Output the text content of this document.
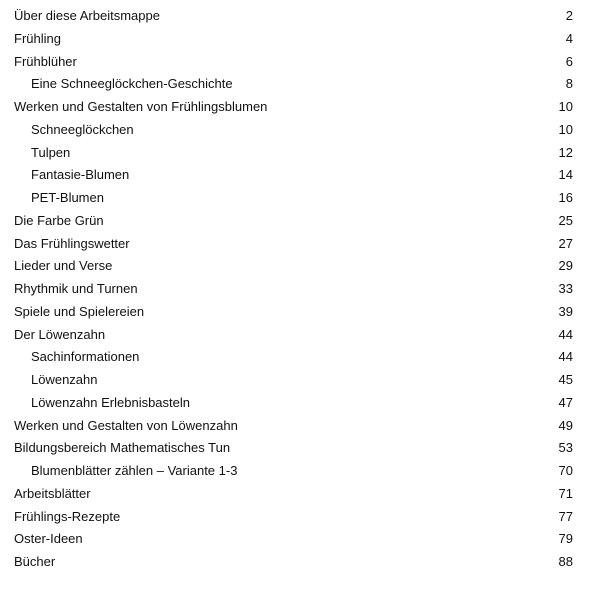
Über diese Arbeitsmappe	2
Frühling	4
Frühblüher	6
Eine Schneeglöckchen-Geschichte	8
Werken und Gestalten von Frühlingsblumen	10
Schneeglöckchen	10
Tulpen	12
Fantasie-Blumen	14
PET-Blumen	16
Die Farbe Grün	25
Das Frühlingswetter	27
Lieder und Verse	29
Rhythmik und Turnen	33
Spiele und Spielereien	39
Der Löwenzahn	44
Sachinformationen	44
Löwenzahn	45
Löwenzahn Erlebnisbasteln	47
Werken und Gestalten von Löwenzahn	49
Bildungsbereich Mathematisches Tun	53
Blumenblätter zählen – Variante 1-3	70
Arbeitsblätter	71
Frühlings-Rezepte	77
Oster-Ideen	79
Bücher	88
